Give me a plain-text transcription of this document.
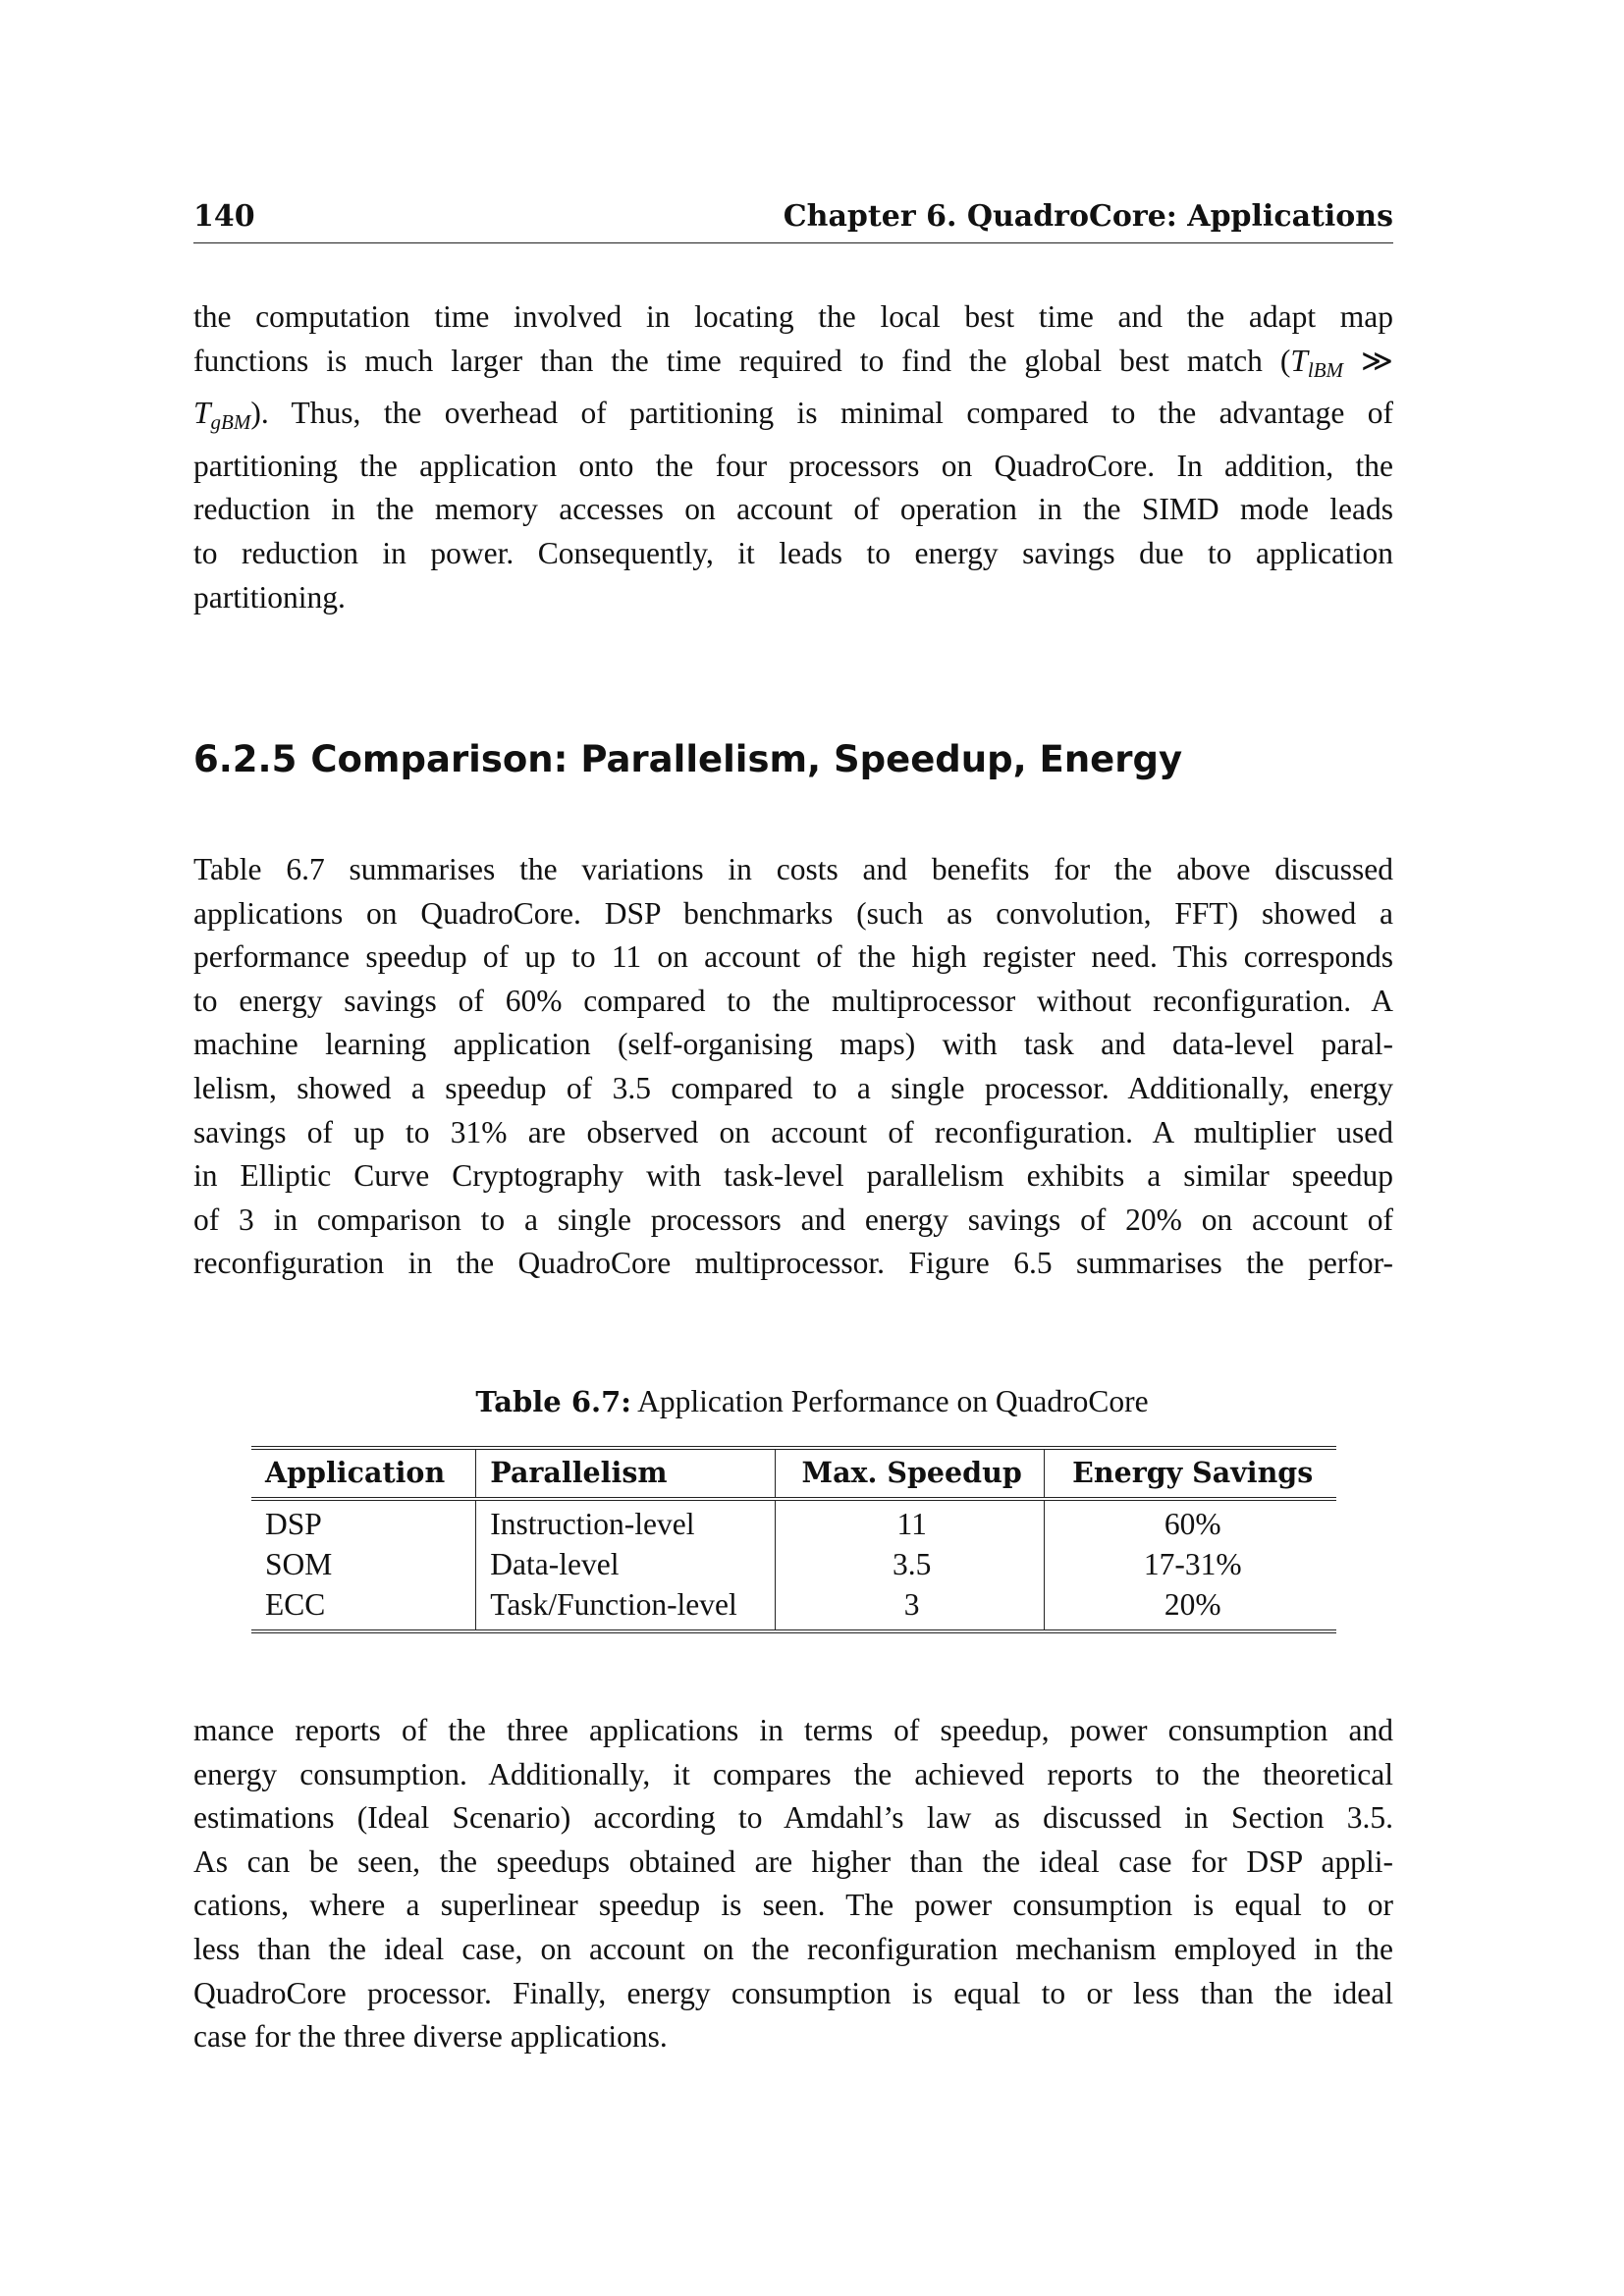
140	Chapter 6. QuadroCore: Applications
the computation time involved in locating the local best time and the adapt map
functions is much larger than the time required to find the global best match ($T_{lBM}$ ≫
$T_{gBM}$). Thus, the overhead of partitioning is minimal compared to the advantage of
partitioning the application onto the four processors on QuadroCore. In addition, the
reduction in the memory accesses on account of operation in the SIMD mode leads
to reduction in power. Consequently, it leads to energy savings due to application
partitioning.
6.2.5 Comparison: Parallelism, Speedup, Energy
Table 6.7 summarises the variations in costs and benefits for the above discussed
applications on QuadroCore. DSP benchmarks (such as convolution, FFT) showed a
performance speedup of up to 11 on account of the high register need. This corresponds
to energy savings of 60% compared to the multiprocessor without reconfiguration. A
machine learning application (self-organising maps) with task and data-level paral-
lelism, showed a speedup of 3.5 compared to a single processor. Additionally, energy
savings of up to 31% are observed on account of reconfiguration. A multiplier used
in Elliptic Curve Cryptography with task-level parallelism exhibits a similar speedup
of 3 in comparison to a single processors and energy savings of 20% on account of
reconfiguration in the QuadroCore multiprocessor. Figure 6.5 summarises the perfor-
Table 6.7: Application Performance on QuadroCore
Application	Parallelism	Max. Speedup	Energy Savings
DSP	Instruction-level	11	60%
SOM	Data-level	3.5	17-31%
ECC	Task/Function-level	3	20%
mance reports of the three applications in terms of speedup, power consumption and
energy consumption. Additionally, it compares the achieved reports to the theoretical
estimations (Ideal Scenario) according to Amdahl’s law as discussed in Section 3.5.
As can be seen, the speedups obtained are higher than the ideal case for DSP appli-
cations, where a superlinear speedup is seen. The power consumption is equal to or
less than the ideal case, on account on the reconfiguration mechanism employed in the
QuadroCore processor. Finally, energy consumption is equal to or less than the ideal
case for the three diverse applications.
